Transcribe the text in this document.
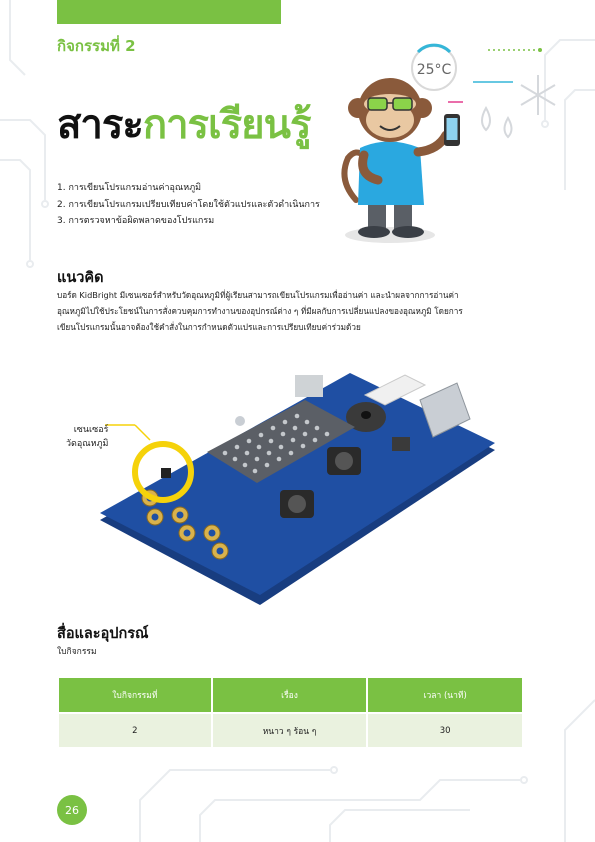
กิจกรรมที่ 2
สาระการเรียนรู้
1. การเขียนโปรแกรมอ่านค่าอุณหภูมิ
2. การเขียนโปรแกรมเปรียบเทียบค่าโดยใช้ตัวแปรและตัวดำเนินการ
3. การตรวจหาข้อผิดพลาดของโปรแกรม
25°C
แนวคิด
บอร์ด KidBright มีเซนเซอร์สำหรับวัดอุณหภูมิที่ผู้เรียนสามารถเขียนโปรแกรมเพื่ออ่านค่า และนำผลจากการอ่านค่า
อุณหภูมิไปใช้ประโยชน์ในการสั่งควบคุมการทำงานของอุปกรณ์ต่าง ๆ ที่มีผลกับการเปลี่ยนแปลงของอุณหภูมิ โดยการ
เขียนโปรแกรมนั้นอาจต้องใช้คำสั่งในการกำหนดตัวแปรและการเปรียบเทียบค่าร่วมด้วย
เซนเซอร์
วัดอุณหภูมิ
สื่อและอุปกรณ์
ใบกิจกรรม
ใบกิจกรรมที่	เรื่อง	เวลา (นาที)

2	หนาว ๆ ร้อน ๆ	30
26
